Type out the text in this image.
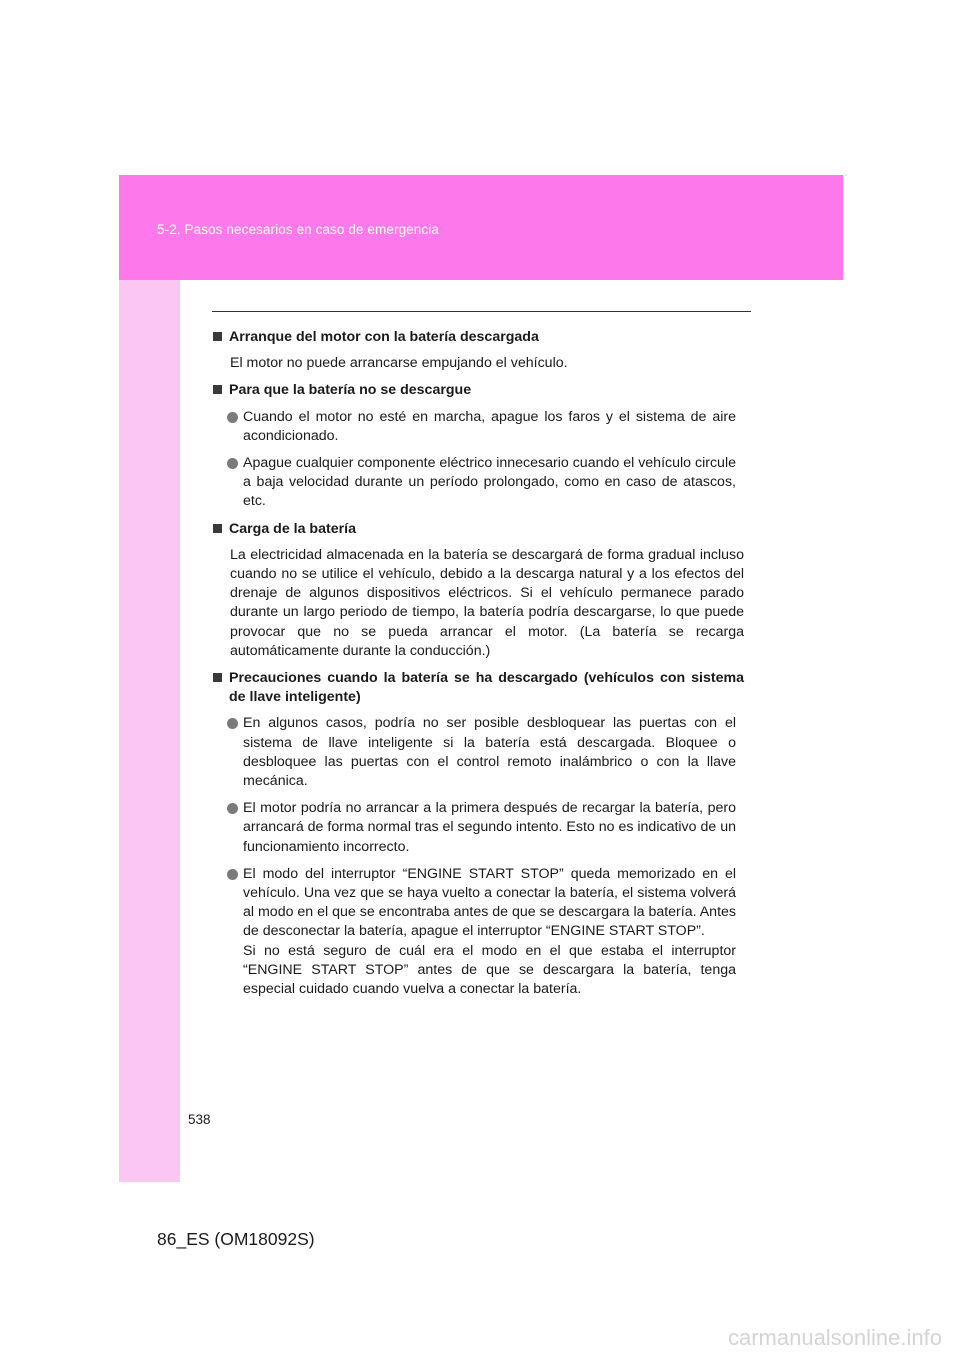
5-2. Pasos necesarios en caso de emergencia
Arranque del motor con la batería descargada

El motor no puede arrancarse empujando el vehículo.

Para que la batería no se descargue
Cuando el motor no esté en marcha, apague los faros y el sistema de aire acondicionado.
Apague cualquier componente eléctrico innecesario cuando el vehículo circule a baja velocidad durante un período prolongado, como en caso de atascos, etc.
Carga de la batería

La electricidad almacenada en la batería se descargará de forma gradual incluso cuando no se utilice el vehículo, debido a la descarga natural y a los efectos del drenaje de algunos dispositivos eléctricos. Si el vehículo permanece parado durante un largo periodo de tiempo, la batería podría descargarse, lo que puede provocar que no se pueda arrancar el motor. (La batería se recarga automáticamente durante la conducción.)

Precauciones cuando la batería se ha descargado (vehículos con sistema de llave inteligente)
En algunos casos, podría no ser posible desbloquear las puertas con el sistema de llave inteligente si la batería está descargada. Bloquee o desbloquee las puertas con el control remoto inalámbrico o con la llave mecánica.
El motor podría no arrancar a la primera después de recargar la batería, pero arrancará de forma normal tras el segundo intento. Esto no es indicativo de un funcionamiento incorrecto.
El modo del interruptor “ENGINE START STOP” queda memorizado en el vehículo. Una vez que se haya vuelto a conectar la batería, el sistema volverá al modo en el que se encontraba antes de que se descargara la batería. Antes de desconectar la batería, apague el interruptor “ENGINE START STOP”.
Si no está seguro de cuál era el modo en el que estaba el interruptor “ENGINE START STOP” antes de que se descargara la batería, tenga especial cuidado cuando vuelva a conectar la batería.
538
86_ES (OM18092S)
carmanualsonline.info
